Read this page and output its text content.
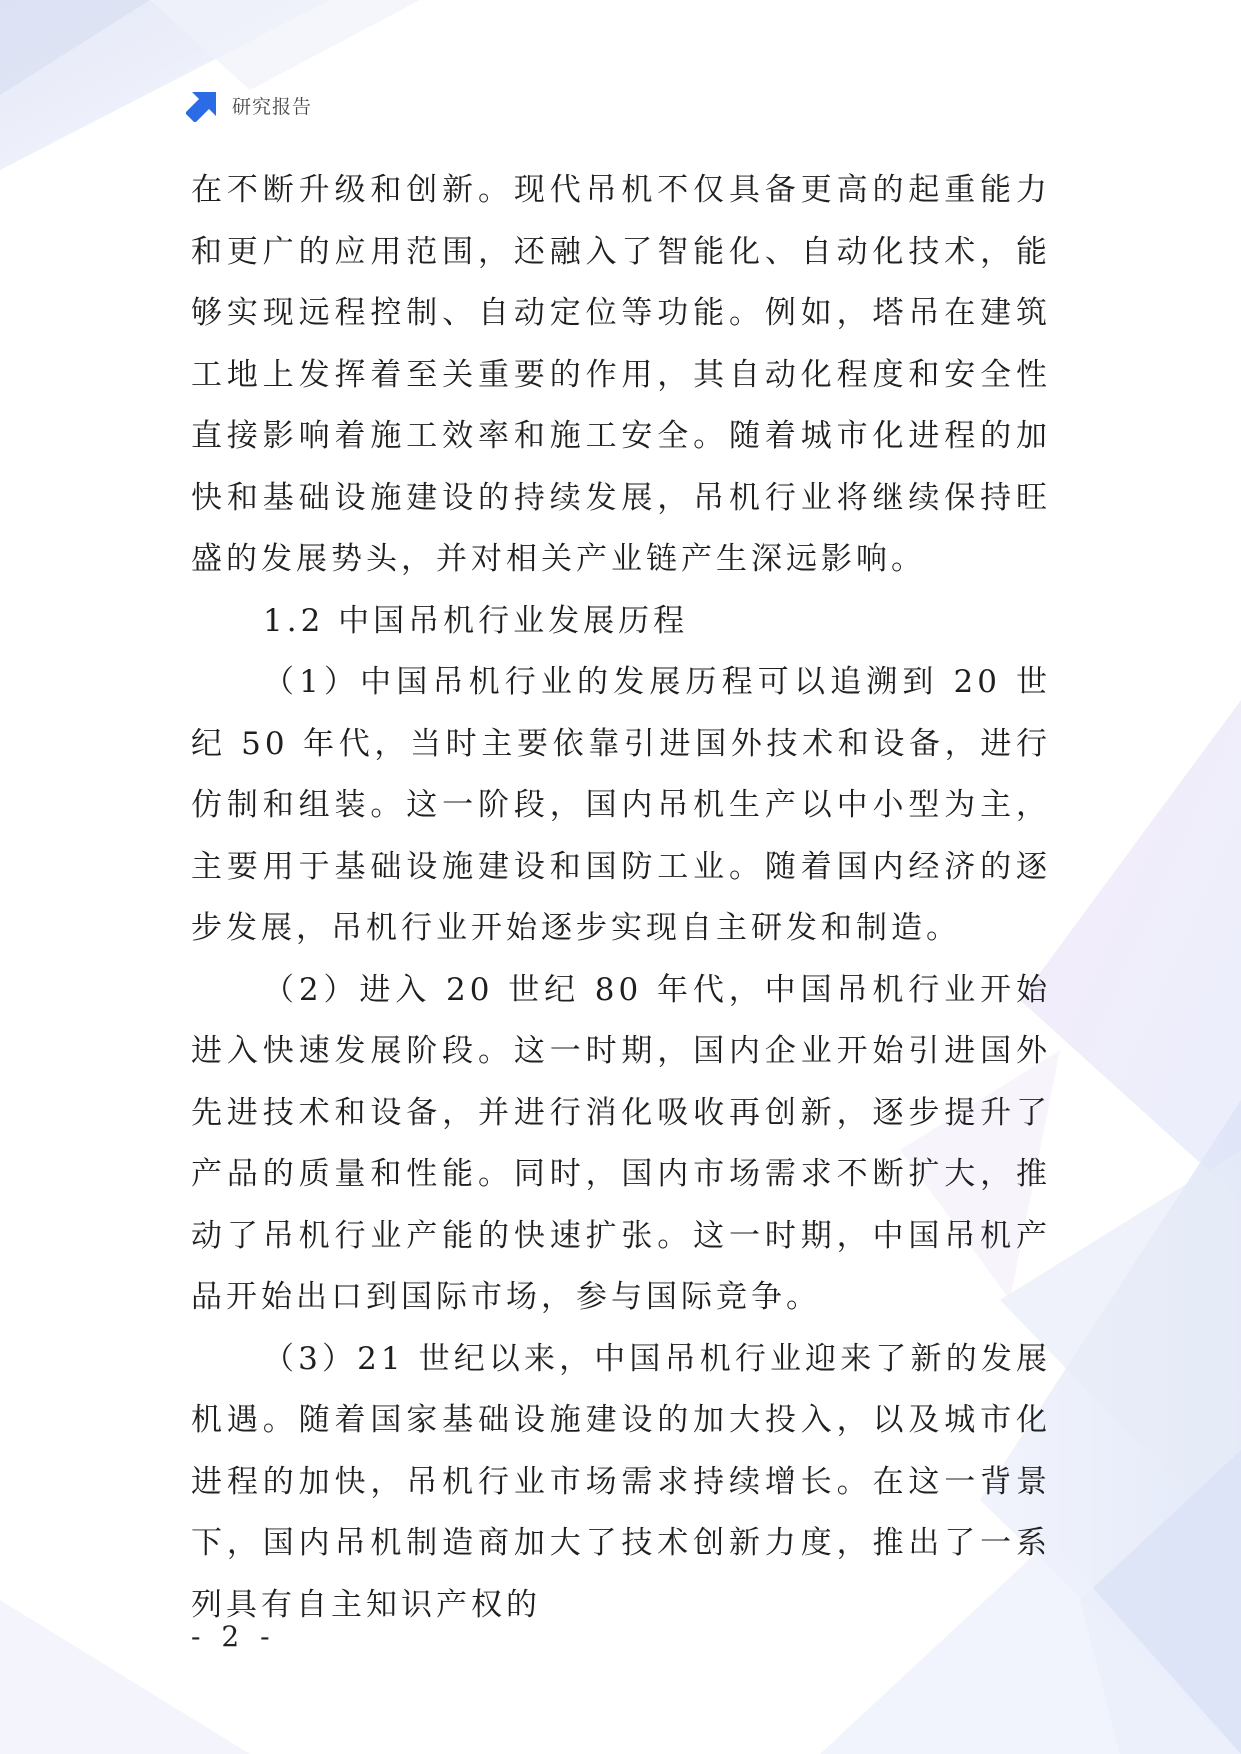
研究报告

在不断升级和创新。现代吊机不仅具备更高的起重能力和更广的应用范围，还融入了智能化、自动化技术，能够实现远程控制、自动定位等功能。例如，塔吊在建筑工地上发挥着至关重要的作用，其自动化程度和安全性直接影响着施工效率和施工安全。随着城市化进程的加快和基础设施建设的持续发展，吊机行业将继续保持旺盛的发展势头，并对相关产业链产生深远影响。

1.2 中国吊机行业发展历程

（1）中国吊机行业的发展历程可以追溯到 20 世纪 50 年代，当时主要依靠引进国外技术和设备，进行仿制和组装。这一阶段，国内吊机生产以中小型为主，主要用于基础设施建设和国防工业。随着国内经济的逐步发展，吊机行业开始逐步实现自主研发和制造。

（2）进入 20 世纪 80 年代，中国吊机行业开始进入快速发展阶段。这一时期，国内企业开始引进国外先进技术和设备，并进行消化吸收再创新，逐步提升了产品的质量和性能。同时，国内市场需求不断扩大，推动了吊机行业产能的快速扩张。这一时期，中国吊机产品开始出口到国际市场，参与国际竞争。

（3）21 世纪以来，中国吊机行业迎来了新的发展机遇。随着国家基础设施建设的加大投入，以及城市化进程的加快，吊机行业市场需求持续增长。在这一背景下，国内吊机制造商加大了技术创新力度，推出了一系列具有自主知识产权的

- 2 -
